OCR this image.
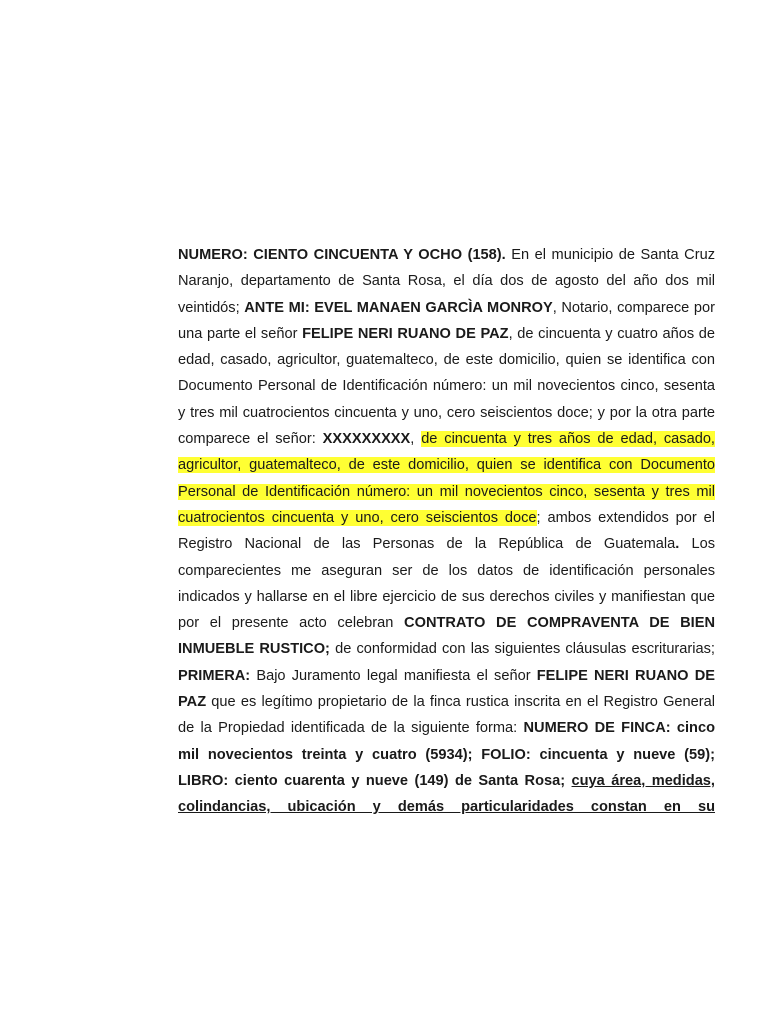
NUMERO: CIENTO CINCUENTA Y OCHO (158). En el municipio de Santa Cruz Naranjo, departamento de Santa Rosa, el día dos de agosto del año dos mil veintidós; ANTE MI: EVEL MANAEN GARCÌA MONROY, Notario, comparece por una parte el señor FELIPE NERI RUANO DE PAZ, de cincuenta y cuatro años de edad, casado, agricultor, guatemalteco, de este domicilio, quien se identifica con Documento Personal de Identificación número: un mil novecientos cinco, sesenta y tres mil cuatrocientos cincuenta y uno, cero seiscientos doce; y por la otra parte comparece el señor: XXXXXXXXX, de cincuenta y tres años de edad, casado, agricultor, guatemalteco, de este domicilio, quien se identifica con Documento Personal de Identificación número: un mil novecientos cinco, sesenta y tres mil cuatrocientos cincuenta y uno, cero seiscientos doce; ambos extendidos por el Registro Nacional de las Personas de la República de Guatemala. Los comparecientes me aseguran ser de los datos de identificación personales indicados y hallarse en el libre ejercicio de sus derechos civiles y manifiestan que por el presente acto celebran CONTRATO DE COMPRAVENTA DE BIEN INMUEBLE RUSTICO; de conformidad con las siguientes cláusulas escriturarias; PRIMERA: Bajo Juramento legal manifiesta el señor FELIPE NERI RUANO DE PAZ que es legítimo propietario de la finca rustica inscrita en el Registro General de la Propiedad identificada de la siguiente forma: NUMERO DE FINCA: cinco mil novecientos treinta y cuatro (5934); FOLIO: cincuenta y nueve (59); LIBRO: ciento cuarenta y nueve (149) de Santa Rosa; cuya área, medidas, colindancias, ubicación y demás particularidades constan en su
